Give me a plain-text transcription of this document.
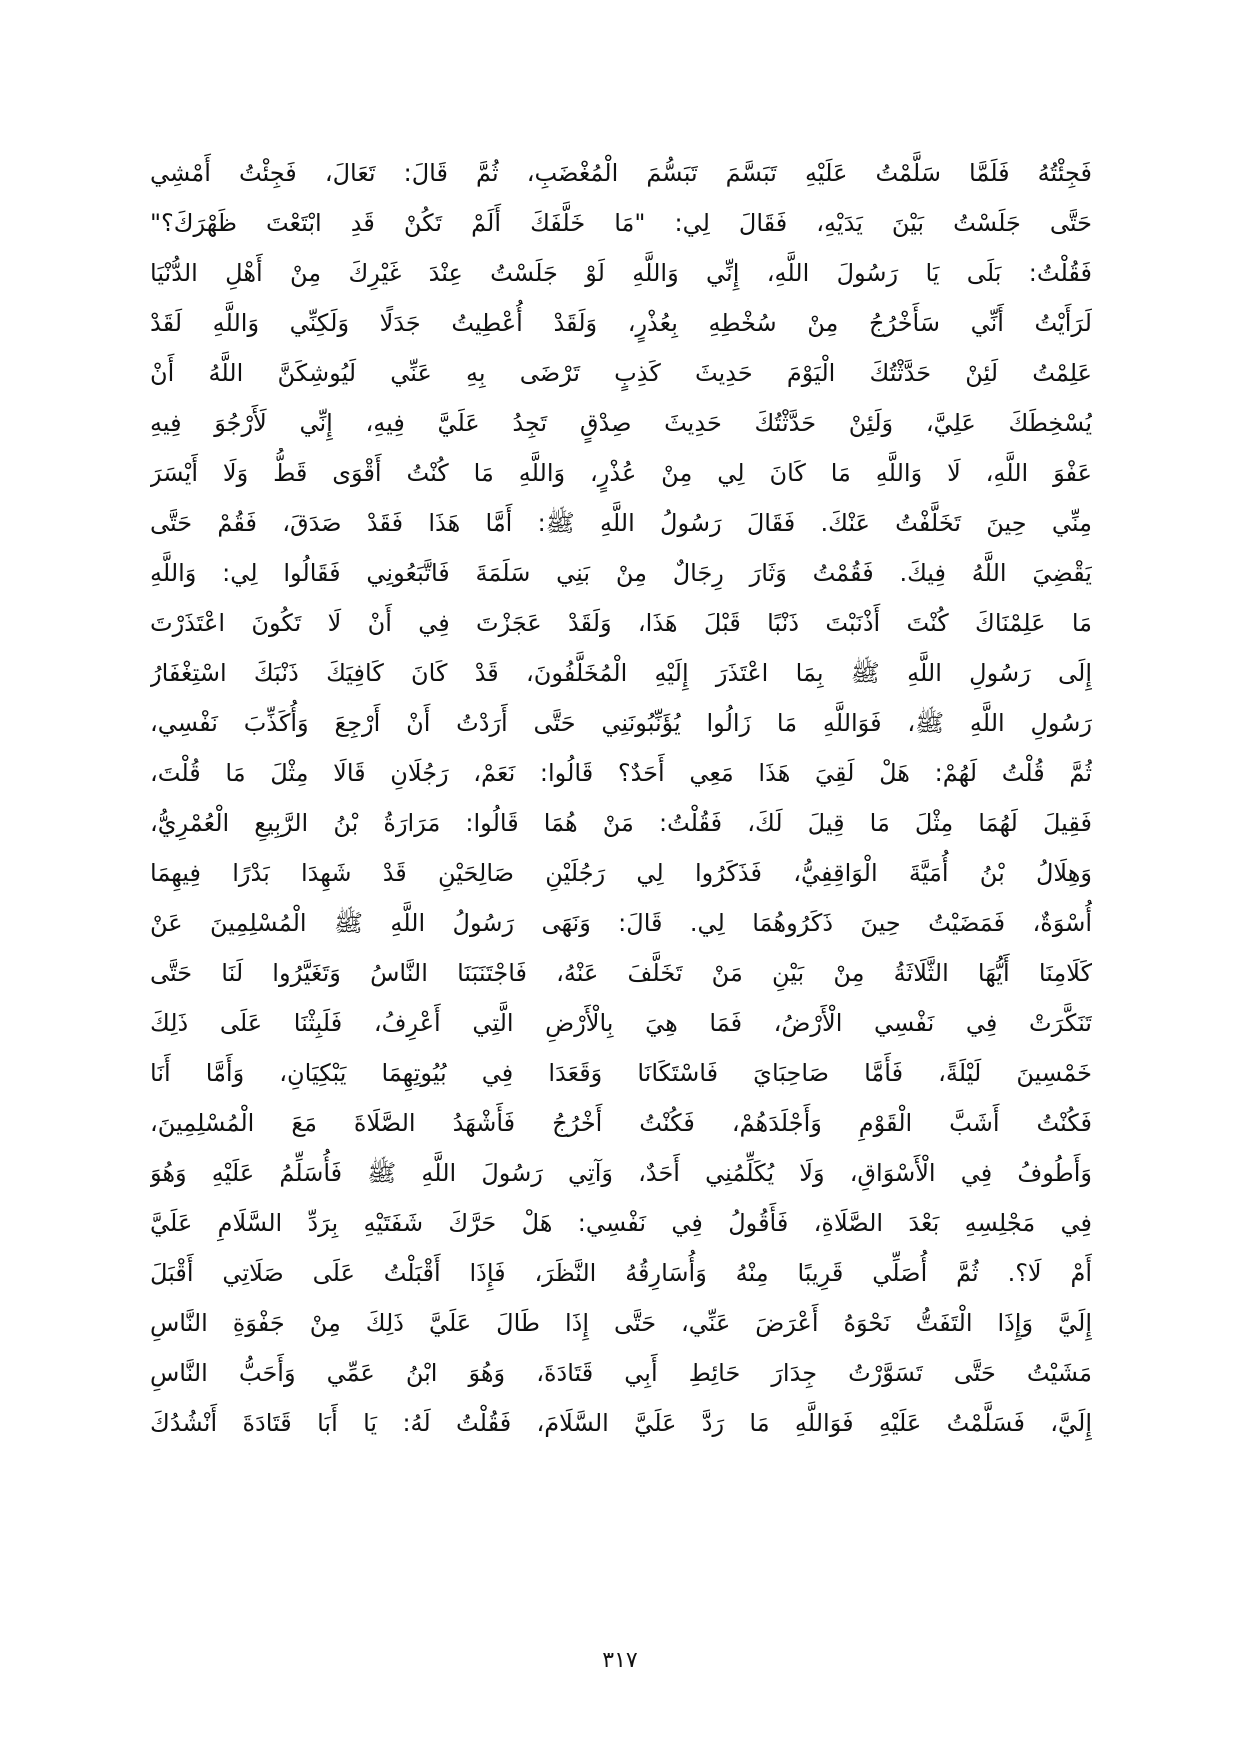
فَجِئْتُهُ فَلَمَّا سَلَّمْتُ عَلَيْهِ تَبَسَّمَ تَبَسُّمَ الْمُغْضَبِ، ثُمَّ قَالَ: تَعَالَ، فَجِئْتُ أَمْشِي
حَتَّى جَلَسْتُ بَيْنَ يَدَيْهِ، فَقَالَ لِي: "مَا خَلَّفَكَ أَلَمْ تَكُنْ قَدِ ابْتَعْتَ ظَهْرَكَ؟"
فَقُلْتُ: بَلَى يَا رَسُولَ اللَّهِ، إِنِّي وَاللَّهِ لَوْ جَلَسْتُ عِنْدَ غَيْرِكَ مِنْ أَهْلِ الدُّنْيَا
لَرَأَيْتُ أَنِّي سَأَخْرُجُ مِنْ سُخْطِهِ بِعُذْرٍ، وَلَقَدْ أُعْطِيتُ جَدَلًا وَلَكِنِّي وَاللَّهِ لَقَدْ
عَلِمْتُ لَئِنْ حَدَّثْتُكَ الْيَوْمَ حَدِيثَ كَذِبٍ تَرْضَى بِهِ عَنِّي لَيُوشِكَنَّ اللَّهُ أَنْ
يُسْخِطَكَ عَلِيَّ، وَلَئِنْ حَدَّثْتُكَ حَدِيثَ صِدْقٍ تَجِدُ عَلَيَّ فِيهِ، إِنِّي لَأَرْجُوَ فِيهِ
عَفْوَ اللَّهِ، لَا وَاللَّهِ مَا كَانَ لِي مِنْ عُذْرٍ، وَاللَّهِ مَا كُنْتُ أَقْوَى قَطُّ وَلَا أَيْسَرَ
مِنِّي حِينَ تَخَلَّفْتُ عَنْكَ. فَقَالَ رَسُولُ اللَّهِ ﷺ: أَمَّا هَذَا فَقَدْ صَدَقَ، فَقُمْ حَتَّى
يَقْضِيَ اللَّهُ فِيكَ. فَقُمْتُ وَثَارَ رِجَالٌ مِنْ بَنِي سَلَمَةَ فَاتَّبَعُونِي فَقَالُوا لِي: وَاللَّهِ
مَا عَلِمْنَاكَ كُنْتَ أَذْنَبْتَ ذَنْبًا قَبْلَ هَذَا، وَلَقَدْ عَجَزْتَ فِي أَنْ لَا تَكُونَ اعْتَذَرْتَ
إِلَى رَسُولِ اللَّهِ ﷺ بِمَا اعْتَذَرَ إِلَيْهِ الْمُخَلَّفُونَ، قَدْ كَانَ كَافِيَكَ ذَنْبَكَ اسْتِغْفَارُ
رَسُولِ اللَّهِ ﷺ، فَوَاللَّهِ مَا زَالُوا يُؤَنِّبُونَنِي حَتَّى أَرَدْتُ أَنْ أَرْجِعَ وَأُكَذِّبَ نَفْسِي،
ثُمَّ قُلْتُ لَهُمْ: هَلْ لَقِيَ هَذَا مَعِي أَحَدٌ؟ قَالُوا: نَعَمْ، رَجُلَانِ قَالَا مِثْلَ مَا قُلْتَ،
فَقِيلَ لَهُمَا مِثْلَ مَا قِيلَ لَكَ، فَقُلْتُ: مَنْ هُمَا قَالُوا: مَرَارَةُ بْنُ الرَّبِيعِ الْعُمْرِيُّ،
وَهِلَالُ بْنُ أُمَيَّةَ الْوَاقِفِيُّ، فَذَكَرُوا لِي رَجُلَيْنِ صَالِحَيْنِ قَدْ شَهِدَا بَدْرًا فِيهِمَا
أُسْوَةٌ، فَمَضَيْتُ حِينَ ذَكَرُوهُمَا لِي. قَالَ: وَنَهَى رَسُولُ اللَّهِ ﷺ الْمُسْلِمِينَ عَنْ
كَلَامِنَا أَيُّهَا الثَّلَاثَةُ مِنْ بَيْنِ مَنْ تَخَلَّفَ عَنْهُ، فَاجْتَنَبَنَا النَّاسُ وَتَغَيَّرُوا لَنَا حَتَّى
تَنَكَّرَتْ فِي نَفْسِي الْأَرْضُ، فَمَا هِيَ بِالْأَرْضِ الَّتِي أَعْرِفُ، فَلَبِثْنَا عَلَى ذَلِكَ
خَمْسِينَ لَيْلَةً، فَأَمَّا صَاحِبَايَ فَاسْتَكَانَا وَقَعَدَا فِي بُيُوتِهِمَا يَبْكِيَانِ، وَأَمَّا أَنَا
فَكُنْتُ أَشَبَّ الْقَوْمِ وَأَجْلَدَهُمْ، فَكُنْتُ أَخْرُجُ فَأَشْهَدُ الصَّلَاةَ مَعَ الْمُسْلِمِينَ،
وَأَطُوفُ فِي الْأَسْوَاقِ، وَلَا يُكَلِّمُنِي أَحَدٌ، وَآتِي رَسُولَ اللَّهِ ﷺ فَأُسَلِّمُ عَلَيْهِ وَهُوَ
فِي مَجْلِسِهِ بَعْدَ الصَّلَاةِ، فَأَقُولُ فِي نَفْسِي: هَلْ حَرَّكَ شَفَتَيْهِ بِرَدِّ السَّلَامِ عَلَيَّ
أَمْ لَا؟. ثُمَّ أُصَلِّي قَرِيبًا مِنْهُ وَأُسَارِقُهُ النَّظَرَ، فَإِذَا أَقْبَلْتُ عَلَى صَلَاتِي أَقْبَلَ
إِلَيَّ وَإِذَا الْتَفَتُّ نَحْوَهُ أَعْرَضَ عَنِّي، حَتَّى إِذَا طَالَ عَلَيَّ ذَلِكَ مِنْ جَفْوَةِ النَّاسِ
مَشَيْتُ حَتَّى تَسَوَّرْتُ جِدَارَ حَائِطِ أَبِي قَتَادَةَ، وَهُوَ ابْنُ عَمِّي وَأَحَبُّ النَّاسِ
إِلَيَّ، فَسَلَّمْتُ عَلَيْهِ فَوَاللَّهِ مَا رَدَّ عَلَيَّ السَّلَامَ، فَقُلْتُ لَهُ: يَا أَبَا قَتَادَةَ أَنْشُدُكَ
٣١٧
